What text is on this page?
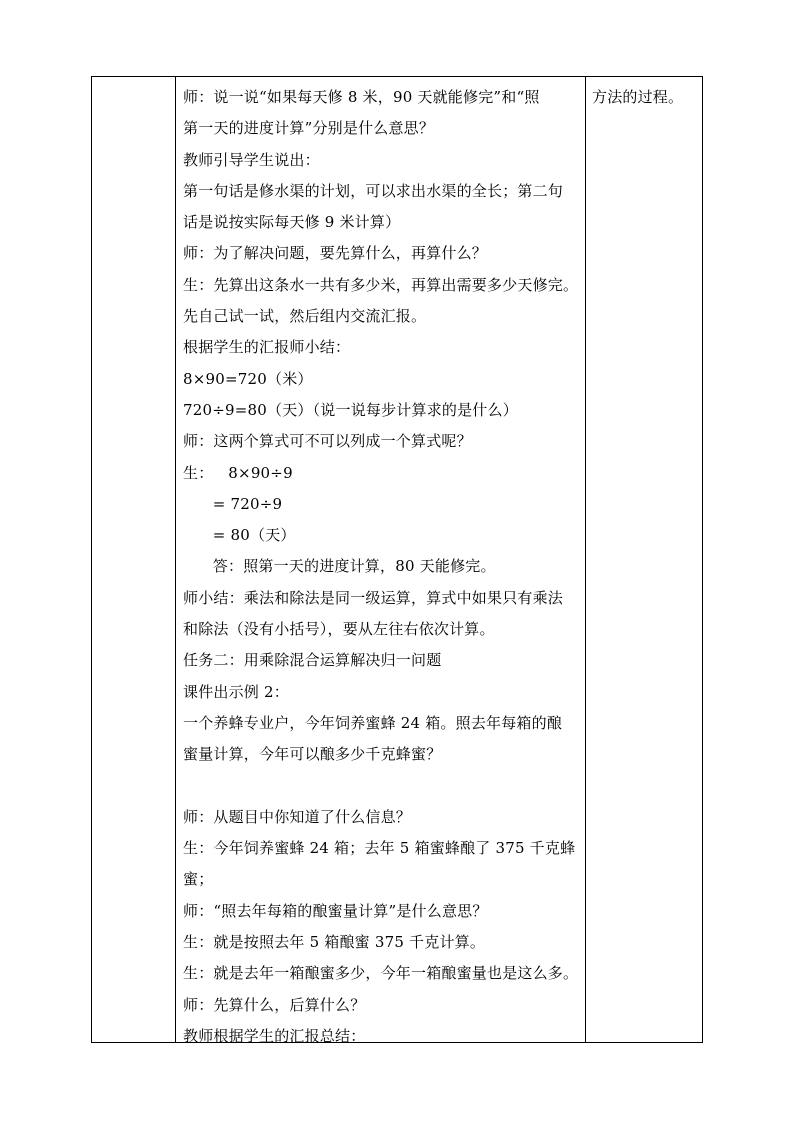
师：说一说“如果每天修 8 米，90 天就能修完”和“照
第一天的进度计算”分别是什么意思？
教师引导学生说出：
第一句话是修水渠的计划，可以求出水渠的全长；第二句
话是说按实际每天修 9 米计算）
师：为了解决问题，要先算什么，再算什么？
生：先算出这条水一共有多少米，再算出需要多少天修完。
先自己试一试，然后组内交流汇报。
根据学生的汇报师小结：
8×90=720（米）
720÷9=80（天）（说一说每步计算求的是什么）
师：这两个算式可不可以列成一个算式呢？
生：   8×90÷9
= 720÷9
= 80（天）
答：照第一天的进度计算，80 天能修完。
师小结：乘法和除法是同一级运算，算式中如果只有乘法
和除法（没有小括号），要从左往右依次计算。
任务二：用乘除混合运算解决归一问题
课件出示例 2：
一个养蜂专业户，今年饲养蜜蜂 24 箱。照去年每箱的酿
蜜量计算，今年可以酿多少千克蜂蜜？
师：从题目中你知道了什么信息？
生：今年饲养蜜蜂 24 箱；去年 5 箱蜜蜂酿了 375 千克蜂
蜜；
师：“照去年每箱的酿蜜量计算”是什么意思？
生：就是按照去年 5 箱酿蜜 375 千克计算。
生：就是去年一箱酿蜜多少，今年一箱酿蜜量也是这么多。
师：先算什么，后算什么？
教师根据学生的汇报总结：
方法的过程。
